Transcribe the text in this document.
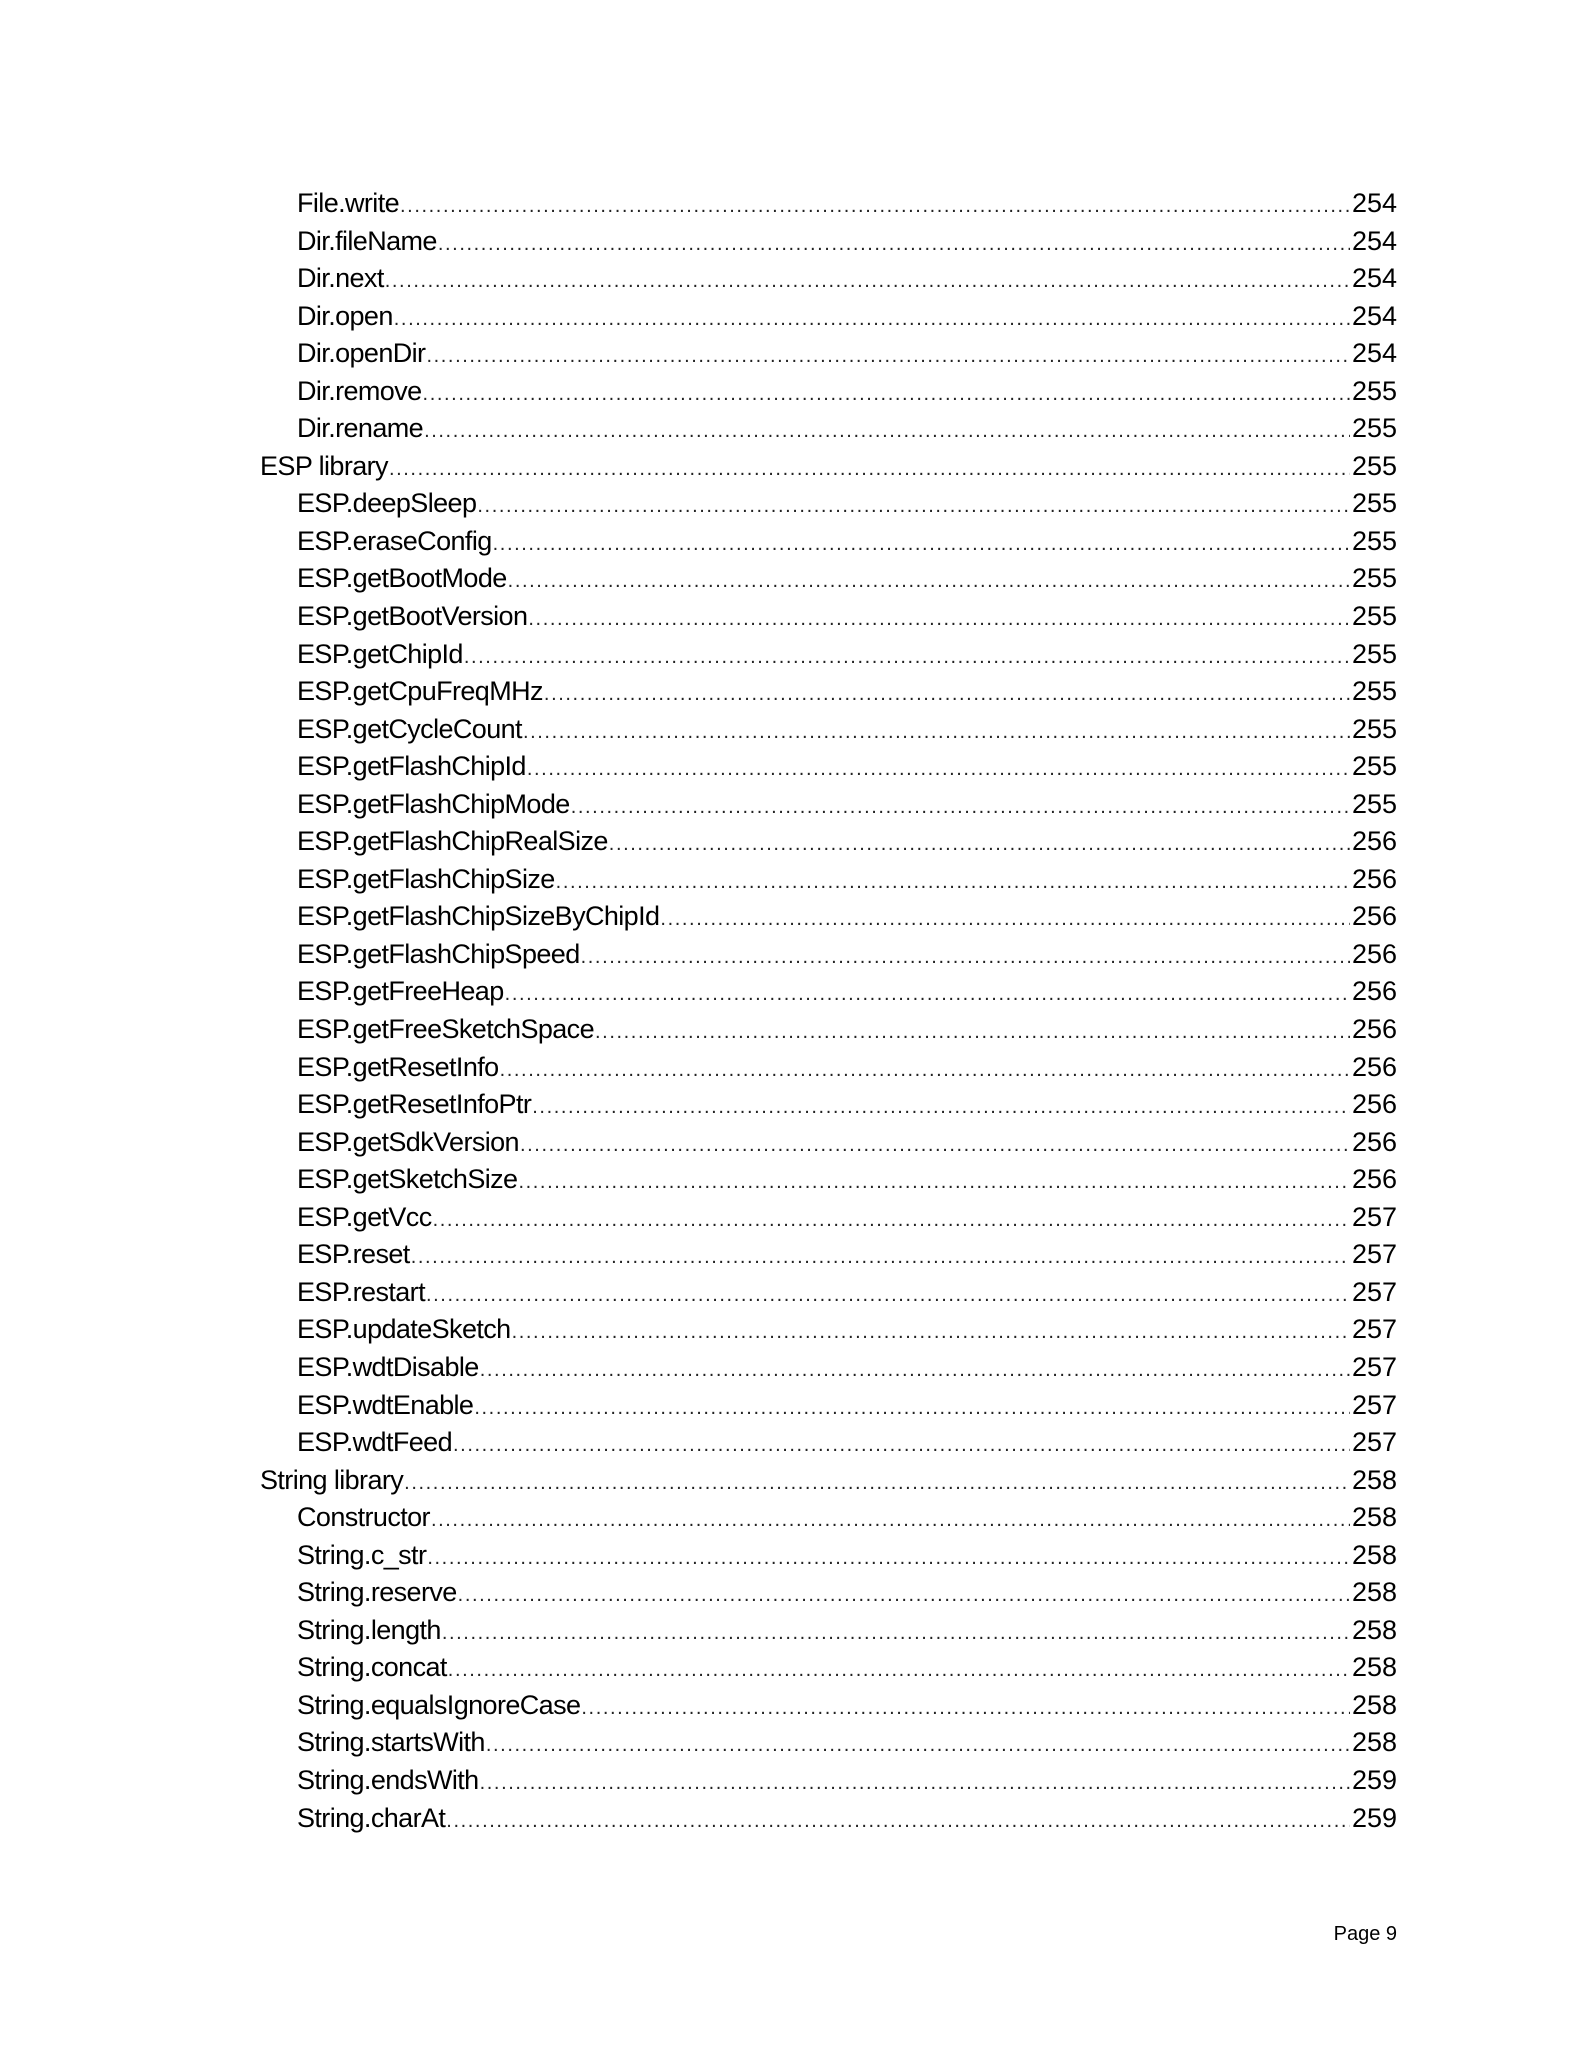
File.write .....	254
Dir.fileName .....	254
Dir.next .....	254
Dir.open .....	254
Dir.openDir .....	254
Dir.remove .....	255
Dir.rename .....	255
ESP library .....	255
ESP.deepSleep .....	255
ESP.eraseConfig .....	255
ESP.getBootMode .....	255
ESP.getBootVersion .....	255
ESP.getChipId .....	255
ESP.getCpuFreqMHz .....	255
ESP.getCycleCount .....	255
ESP.getFlashChipId .....	255
ESP.getFlashChipMode .....	255
ESP.getFlashChipRealSize .....	256
ESP.getFlashChipSize .....	256
ESP.getFlashChipSizeByChipId .....	256
ESP.getFlashChipSpeed .....	256
ESP.getFreeHeap .....	256
ESP.getFreeSketchSpace .....	256
ESP.getResetInfo .....	256
ESP.getResetInfoPtr .....	256
ESP.getSdkVersion .....	256
ESP.getSketchSize .....	256
ESP.getVcc .....	257
ESP.reset .....	257
ESP.restart .....	257
ESP.updateSketch .....	257
ESP.wdtDisable .....	257
ESP.wdtEnable .....	257
ESP.wdtFeed .....	257
String library .....	258
Constructor .....	258
String.c_str .....	258
String.reserve .....	258
String.length .....	258
String.concat .....	258
String.equalsIgnoreCase .....	258
String.startsWith .....	258
String.endsWith .....	259
String.charAt .....	259
Page 9
